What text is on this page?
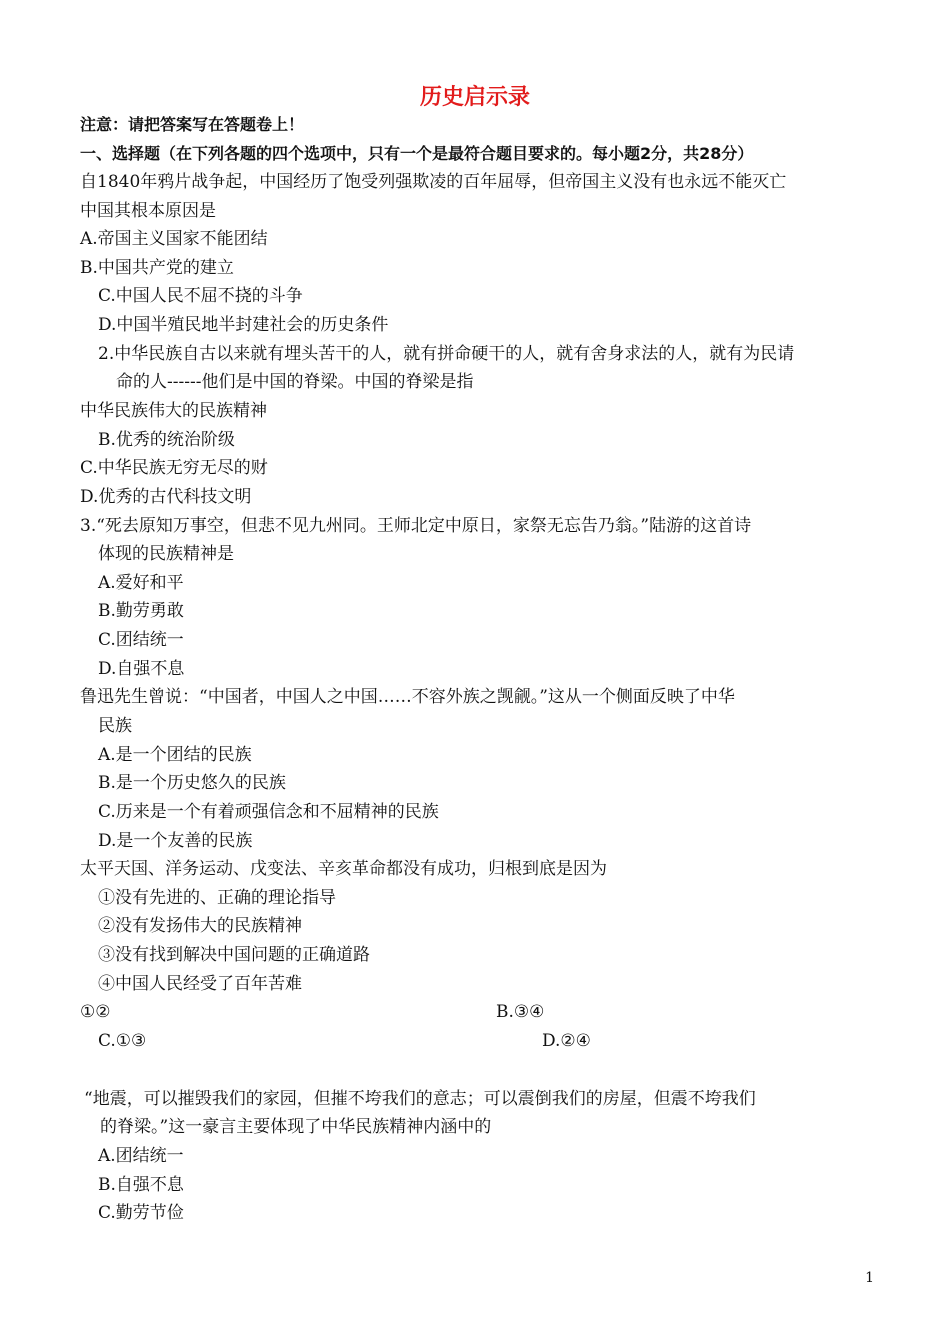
历史启示录
注意：请把答案写在答题卷上！
一、选择题（在下列各题的四个选项中，只有一个是最符合题目要求的。每小题2分，共28分）
自1840年鸦片战争起，中国经历了饱受列强欺凌的百年屈辱，但帝国主义没有也永远不能灭亡
中国其根本原因是
A.帝国主义国家不能团结
B.中国共产党的建立
C.中国人民不屈不挠的斗争
D.中国半殖民地半封建社会的历史条件
2.中华民族自古以来就有埋头苦干的人，就有拼命硬干的人，就有舍身求法的人，就有为民请
命的人------他们是中国的脊梁。中国的脊梁是指
中华民族伟大的民族精神
B.优秀的统治阶级
C.中华民族无穷无尽的财
D.优秀的古代科技文明
3.“死去原知万事空，但悲不见九州同。王师北定中原日，家祭无忘告乃翁。”陆游的这首诗
体现的民族精神是
A.爱好和平
B.勤劳勇敢
C.团结统一
D.自强不息
鲁迅先生曾说：“中国者，中国人之中国……不容外族之觊觎。”这从一个侧面反映了中华
民族
A.是一个团结的民族
B.是一个历史悠久的民族
C.历来是一个有着顽强信念和不屈精神的民族
D.是一个友善的民族
太平天国、洋务运动、戊变法、辛亥革命都没有成功，归根到底是因为
①没有先进的、正确的理论指导
②没有发扬伟大的民族精神
③没有找到解决中国问题的正确道路
④中国人民经受了百年苦难
①②	B.③④
C.①③	D.②④
“地震，可以摧毁我们的家园，但摧不垮我们的意志；可以震倒我们的房屋，但震不垮我们
的脊梁。”这一豪言主要体现了中华民族精神内涵中的
A.团结统一
B.自强不息
C.勤劳节俭
1
